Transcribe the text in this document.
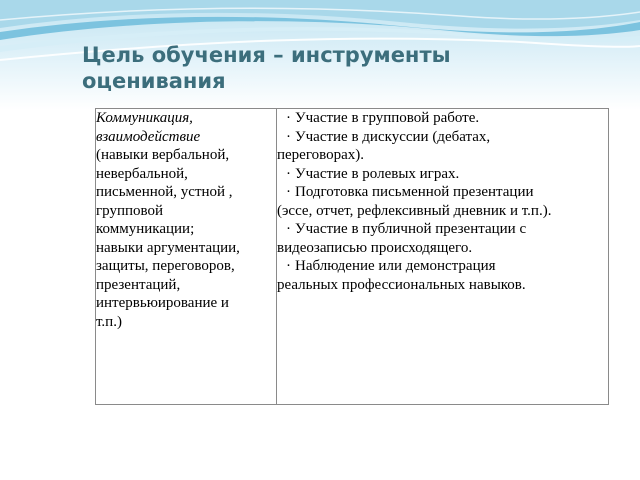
Цель обучения – инструменты
оценивания
Коммуникация,
взаимодействие
(навыки вербальной,
невербальной,
письменной, устной ,
групповой
коммуникации;
навыки аргументации,
защиты, переговоров,
презентаций,
интервьюирование и
т.п.)

· Участие в групповой работе.
· Участие в дискуссии (дебатах,
переговорах).
· Участие в ролевых играх.
· Подготовка письменной презентации
(эссе, отчет, рефлексивный дневник и т.п.).
· Участие в публичной презентации с
видеозаписью происходящего.
· Наблюдение или демонстрация
реальных профессиональных навыков.
